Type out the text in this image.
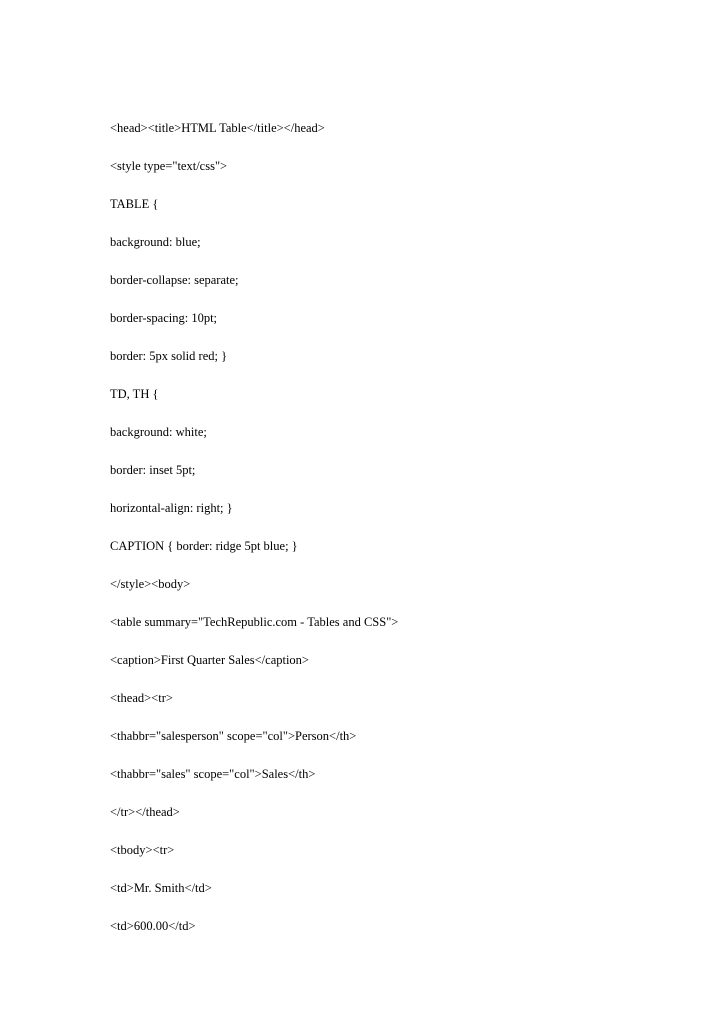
<head><title>HTML Table</title></head>
<style type="text/css">
TABLE {
background: blue;
border-collapse: separate;
border-spacing: 10pt;
border: 5px solid red; }
TD, TH {
background: white;
border: inset 5pt;
horizontal-align: right; }
CAPTION { border: ridge 5pt blue; }
</style><body>
<table summary="TechRepublic.com - Tables and CSS">
<caption>First Quarter Sales</caption>
<thead><tr>
<thabbr="salesperson" scope="col">Person</th>
<thabbr="sales" scope="col">Sales</th>
</tr></thead>
<tbody><tr>
<td>Mr. Smith</td>
<td>600.00</td>
